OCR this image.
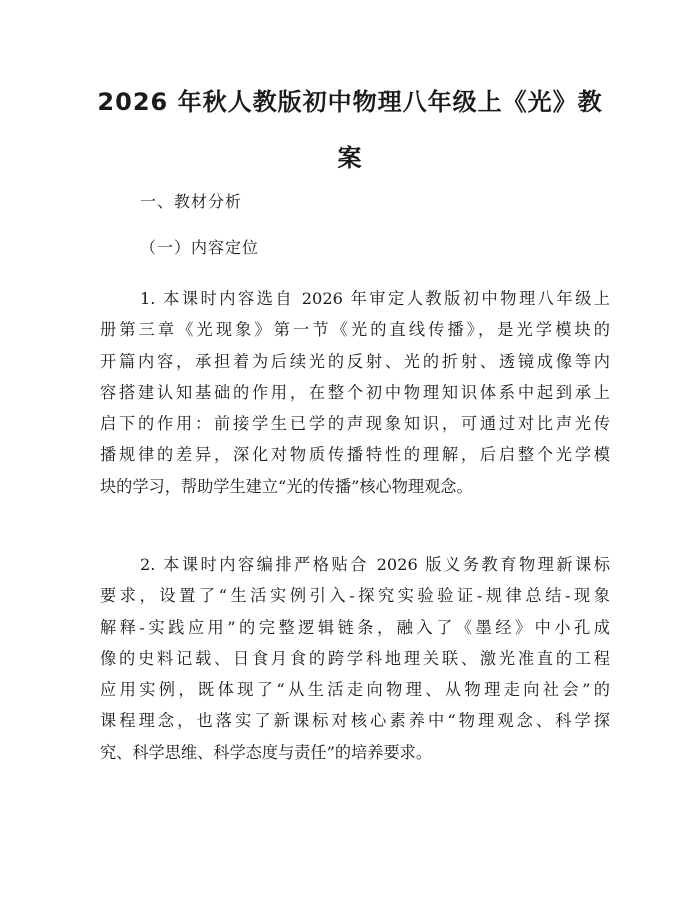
2026 年秋人教版初中物理八年级上《光》教
案

一、教材分析

（一）内容定位

1. 本课时内容选自 2026 年审定人教版初中物理八年级上
册第三章《光现象》第一节《光的直线传播》，是光学模块的
开篇内容，承担着为后续光的反射、光的折射、透镜成像等内
容搭建认知基础的作用，在整个初中物理知识体系中起到承上
启下的作用：前接学生已学的声现象知识，可通过对比声光传
播规律的差异，深化对物质传播特性的理解，后启整个光学模
块的学习，帮助学生建立“光的传播”核心物理观念。
2. 本课时内容编排严格贴合 2026 版义务教育物理新课标
要求，设置了“生活实例引入-探究实验验证-规律总结-现象
解释-实践应用”的完整逻辑链条，融入了《墨经》中小孔成
像的史料记载、日食月食的跨学科地理关联、激光准直的工程
应用实例，既体现了“从生活走向物理、从物理走向社会”的
课程理念，也落实了新课标对核心素养中“物理观念、科学探
究、科学思维、科学态度与责任”的培养要求。
